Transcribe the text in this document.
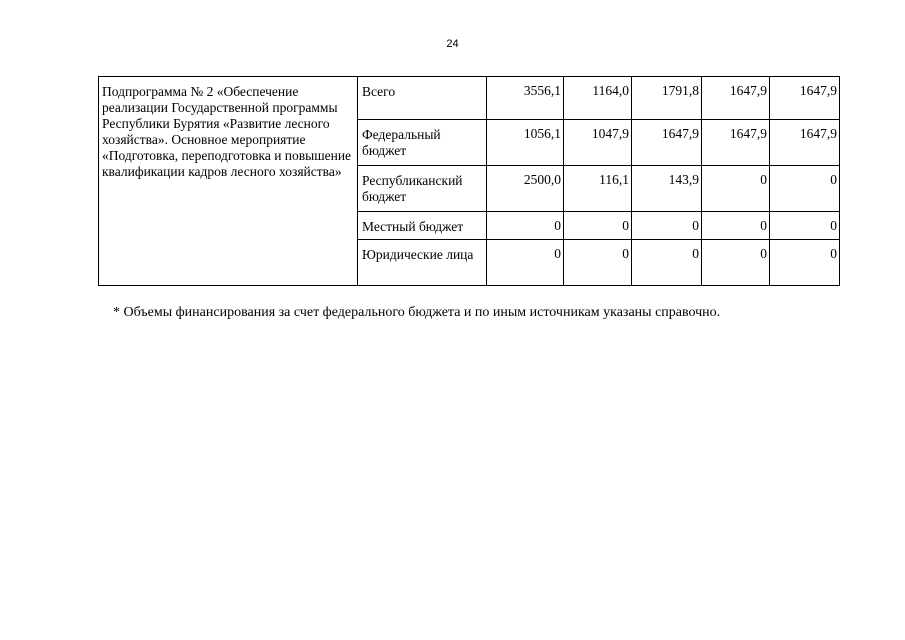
24
Подпрограмма № 2 «Обеспечение реализации Государственной программы Республики Бурятия «Развитие лесного хозяйства». Основное мероприятие «Подготовка, переподготовка и повышение квалификации кадров лесного хозяйства»	Всего	3556,1	1164,0	1791,8	1647,9	1647,9
	Федеральный бюджет	1056,1	1047,9	1647,9	1647,9	1647,9
	Республиканский бюджет	2500,0	116,1	143,9	0	0
	Местный бюджет	0	0	0	0	0
	Юридические лица	0	0	0	0	0

* Объемы финансирования за счет федерального бюджета и по иным источникам указаны справочно.
